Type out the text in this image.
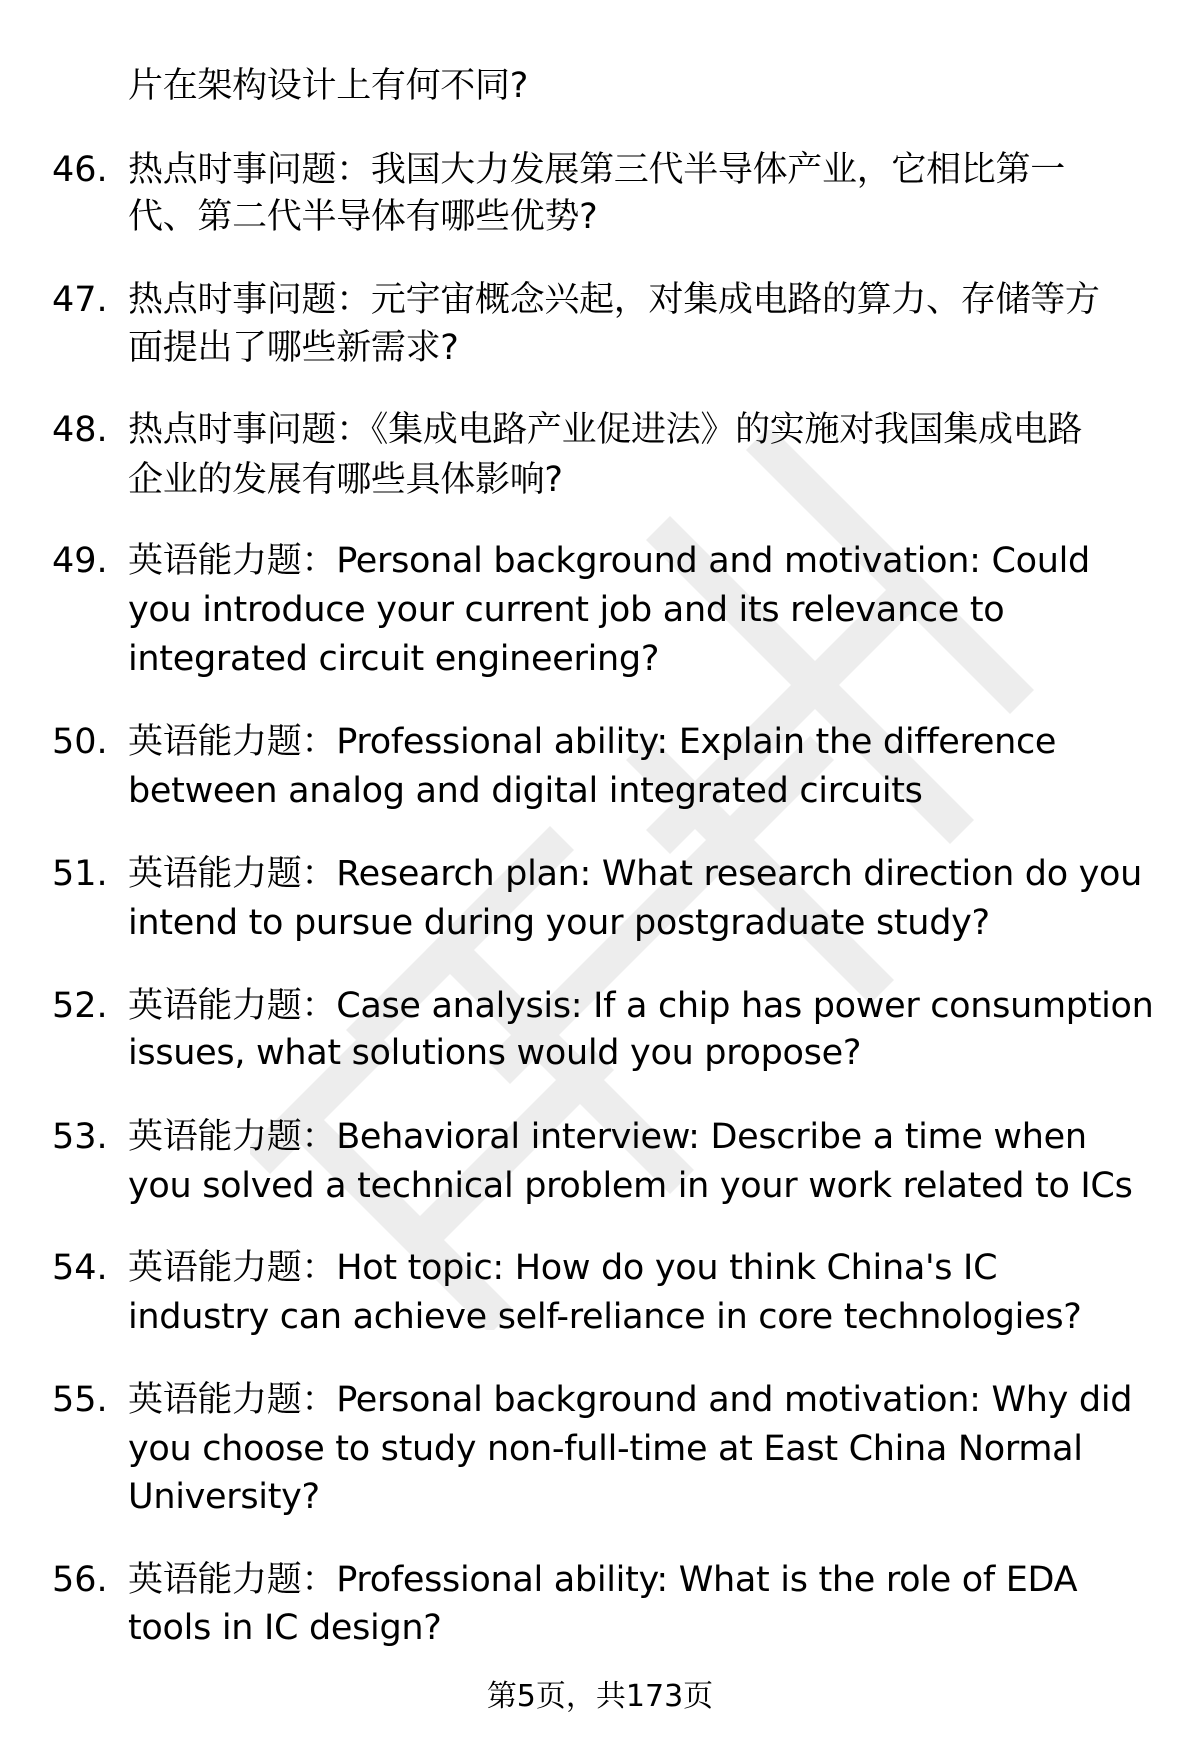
片在架构设计上有何不同?
46. 热点时事问题：我国大力发展第三代半导体产业，它相比第一
代、第二代半导体有哪些优势?
47. 热点时事问题：元宇宙概念兴起，对集成电路的算力、存储等方
面提出了哪些新需求?
48. 热点时事问题：《集成电路产业促进法》的实施对我国集成电路
企业的发展有哪些具体影响?
49. 英语能力题：Personal background and motivation: Could
you introduce your current job and its relevance to
integrated circuit engineering?
50. 英语能力题：Professional ability: Explain the difference
between analog and digital integrated circuits
51. 英语能力题：Research plan: What research direction do you
intend to pursue during your postgraduate study?
52. 英语能力题：Case analysis: If a chip has power consumption
issues, what solutions would you propose?
53. 英语能力题：Behavioral interview: Describe a time when
you solved a technical problem in your work related to ICs
54. 英语能力题：Hot topic: How do you think China's IC
industry can achieve self-reliance in core technologies?
55. 英语能力题：Personal background and motivation: Why did
you choose to study non-full-time at East China Normal
University?
56. 英语能力题：Professional ability: What is the role of EDA
tools in IC design?
第5页，共173页
